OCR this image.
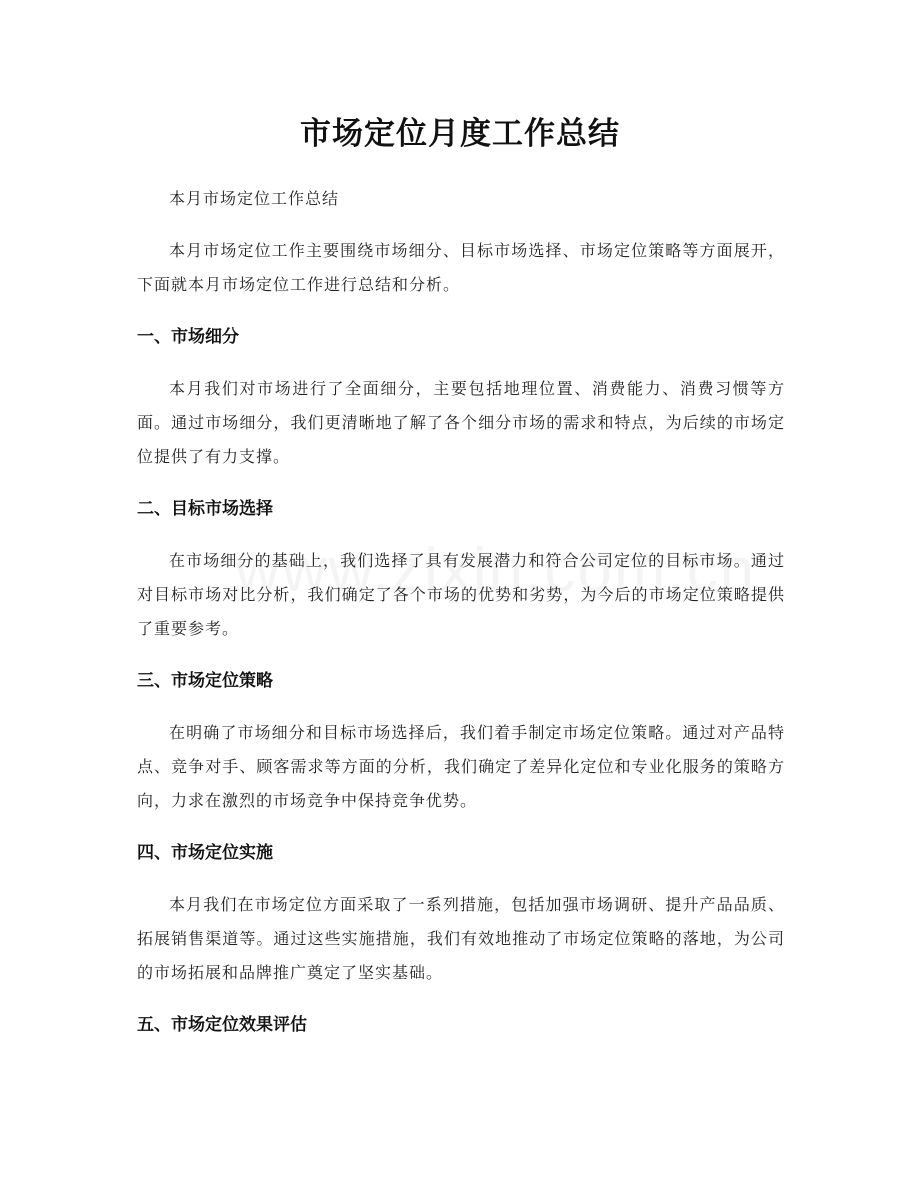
市场定位月度工作总结

本月市场定位工作总结

本月市场定位工作主要围绕市场细分、目标市场选择、市场定位策略等方面展开，下面就本月市场定位工作进行总结和分析。

一、市场细分

本月我们对市场进行了全面细分，主要包括地理位置、消费能力、消费习惯等方面。通过市场细分，我们更清晰地了解了各个细分市场的需求和特点，为后续的市场定位提供了有力支撑。

二、目标市场选择

在市场细分的基础上，我们选择了具有发展潜力和符合公司定位的目标市场。通过对目标市场对比分析，我们确定了各个市场的优势和劣势，为今后的市场定位策略提供了重要参考。

三、市场定位策略

在明确了市场细分和目标市场选择后，我们着手制定市场定位策略。通过对产品特点、竞争对手、顾客需求等方面的分析，我们确定了差异化定位和专业化服务的策略方向，力求在激烈的市场竞争中保持竞争优势。

四、市场定位实施

本月我们在市场定位方面采取了一系列措施，包括加强市场调研、提升产品品质、拓展销售渠道等。通过这些实施措施，我们有效地推动了市场定位策略的落地，为公司的市场拓展和品牌推广奠定了坚实基础。

五、市场定位效果评估
